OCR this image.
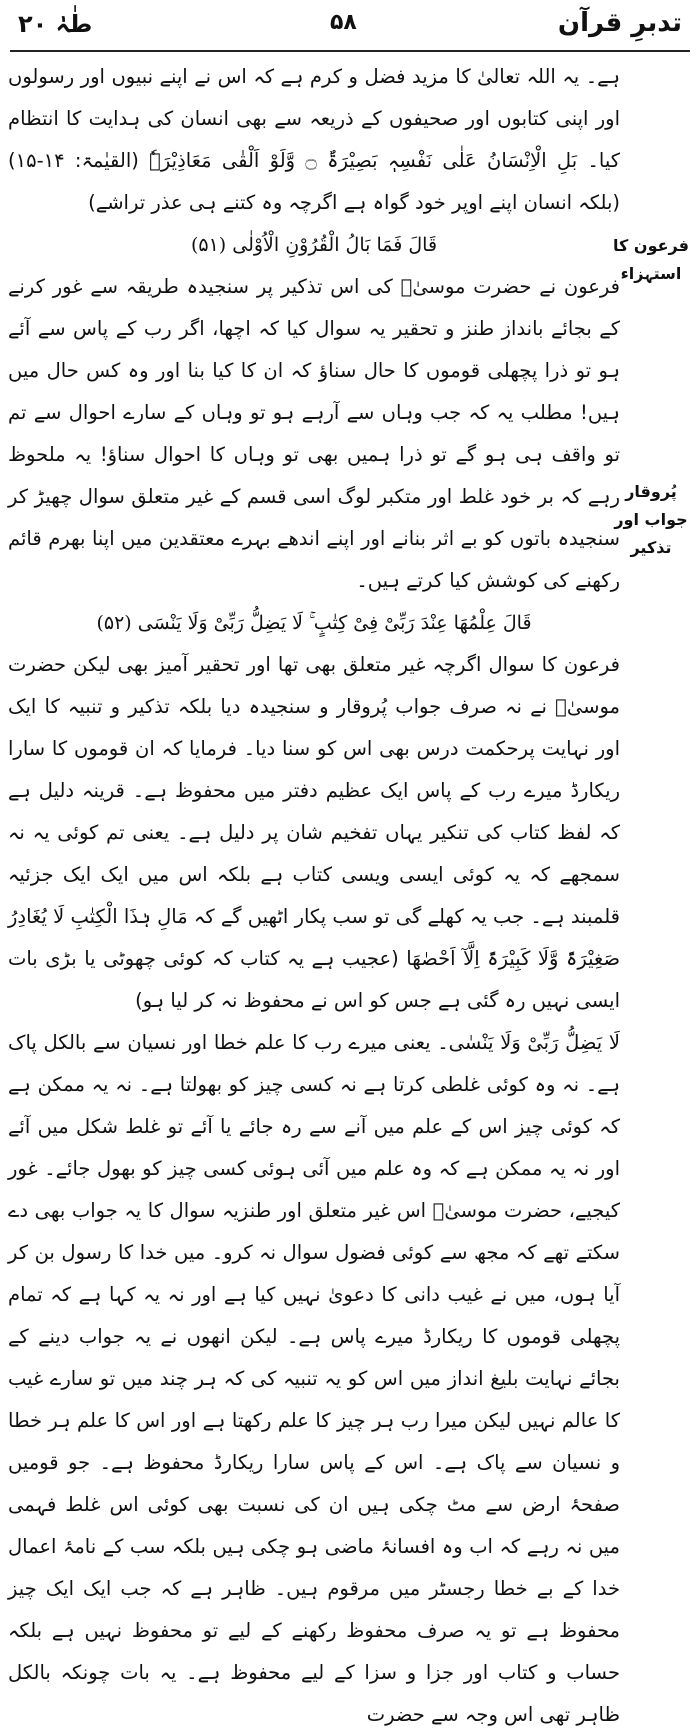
طٰہٰ ۲۰	۵۸	تدبرِ قرآن
فرعون کا استہزاء
پُروقار جواب اور تذکیر

ہے۔ یہ اللہ تعالیٰ کا مزید فضل و کرم ہے کہ اس نے اپنے نبیوں اور رسولوں اور اپنی کتابوں اور صحیفوں کے ذریعہ سے بھی انسان کی ہدایت کا انتظام کیا۔ بَلِ الْاِنْسَانُ عَلٰی نَفْسِہٖ بَصِیْرَۃٌ ۝ وَّلَوْ اَلْقٰی مَعَاذِیْرَہٗ (القیٰمۃ: ۱۴-۱۵) (بلکہ انسان اپنے اوپر خود گواہ ہے اگرچہ وہ کتنے ہی عذر تراشے)

قَالَ فَمَا بَالُ الْقُرُوْنِ الْاُوْلٰی (۵۱)

فرعون نے حضرت موسیٰؑ کی اس تذکیر پر سنجیدہ طریقہ سے غور کرنے کے بجائے بانداز طنز و تحقیر یہ سوال کیا کہ اچھا، اگر رب کے پاس سے آئے ہو تو ذرا پچھلی قوموں کا حال سناؤ کہ ان کا کیا بنا اور وہ کس حال میں ہیں! مطلب یہ کہ جب وہاں سے آرہے ہو تو وہاں کے سارے احوال سے تم تو واقف ہی ہو گے تو ذرا ہمیں بھی تو وہاں کا احوال سناؤ! یہ ملحوظ رہے کہ بر خود غلط اور متکبر لوگ اسی قسم کے غیر متعلق سوال چھیڑ کر سنجیدہ باتوں کو بے اثر بنانے اور اپنے اندھے بہرے معتقدین میں اپنا بھرم قائم رکھنے کی کوشش کیا کرتے ہیں۔

قَالَ عِلْمُهَا عِنْدَ رَبِّیْ فِیْ كِتٰبٍ ۚ لَا يَضِلُّ رَبِّیْ وَلَا يَنْسَی (۵۲)

فرعون کا سوال اگرچہ غیر متعلق بھی تھا اور تحقیر آمیز بھی لیکن حضرت موسیٰؑ نے نہ صرف جواب پُروقار و سنجیدہ دیا بلکہ تذکیر و تنبیہ کا ایک اور نہایت پرحکمت درس بھی اس کو سنا دیا۔ فرمایا کہ ان قوموں کا سارا ریکارڈ میرے رب کے پاس ایک عظیم دفتر میں محفوظ ہے۔ قرینہ دلیل ہے کہ لفظ کتاب کی تنکیر یہاں تفخیم شان پر دلیل ہے۔ یعنی تم کوئی یہ نہ سمجھے کہ یہ کوئی ایسی ویسی کتاب ہے بلکہ اس میں ایک ایک جزئیہ قلمبند ہے۔ جب یہ کھلے گی تو سب پکار اٹھیں گے کہ مَالِ ہٰذَا الْکِتٰبِ لَا یُغَادِرُ صَغِیْرَۃً وَّلَا کَبِیْرَۃً اِلَّآ اَحْصٰھَا (عجیب ہے یہ کتاب کہ کوئی چھوٹی یا بڑی بات ایسی نہیں رہ گئی ہے جس کو اس نے محفوظ نہ کر لیا ہو)

لَا یَضِلُّ رَبِّیْ وَلَا یَنْسٰی۔ یعنی میرے رب کا علم خطا اور نسیان سے بالکل پاک ہے۔ نہ وہ کوئی غلطی کرتا ہے نہ کسی چیز کو بھولتا ہے۔ نہ یہ ممکن ہے کہ کوئی چیز اس کے علم میں آنے سے رہ جائے یا آئے تو غلط شکل میں آئے اور نہ یہ ممکن ہے کہ وہ علم میں آئی ہوئی کسی چیز کو بھول جائے۔ غور کیجیے، حضرت موسیٰؑ اس غیر متعلق اور طنزیہ سوال کا یہ جواب بھی دے سکتے تھے کہ مجھ سے کوئی فضول سوال نہ کرو۔ میں خدا کا رسول بن کر آیا ہوں، میں نے غیب دانی کا دعویٰ نہیں کیا ہے اور نہ یہ کہا ہے کہ تمام پچھلی قوموں کا ریکارڈ میرے پاس ہے۔ لیکن انھوں نے یہ جواب دینے کے بجائے نہایت بلیغ انداز میں اس کو یہ تنبیہ کی کہ ہر چند میں تو سارے غیب کا عالم نہیں لیکن میرا رب ہر چیز کا علم رکھتا ہے اور اس کا علم ہر خطا و نسیان سے پاک ہے۔ اس کے پاس سارا ریکارڈ محفوظ ہے۔ جو قومیں صفحۂ ارض سے مٹ چکی ہیں ان کی نسبت بھی کوئی اس غلط فہمی میں نہ رہے کہ اب وہ افسانۂ ماضی ہو چکی ہیں بلکہ سب کے نامۂ اعمال خدا کے بے خطا رجسٹر میں مرقوم ہیں۔ ظاہر ہے کہ جب ایک ایک چیز محفوظ ہے تو یہ صرف محفوظ رکھنے کے لیے تو محفوظ نہیں ہے بلکہ حساب و کتاب اور جزا و سزا کے لیے محفوظ ہے۔ یہ بات چونکہ بالکل ظاہر تھی اس وجہ سے حضرت
